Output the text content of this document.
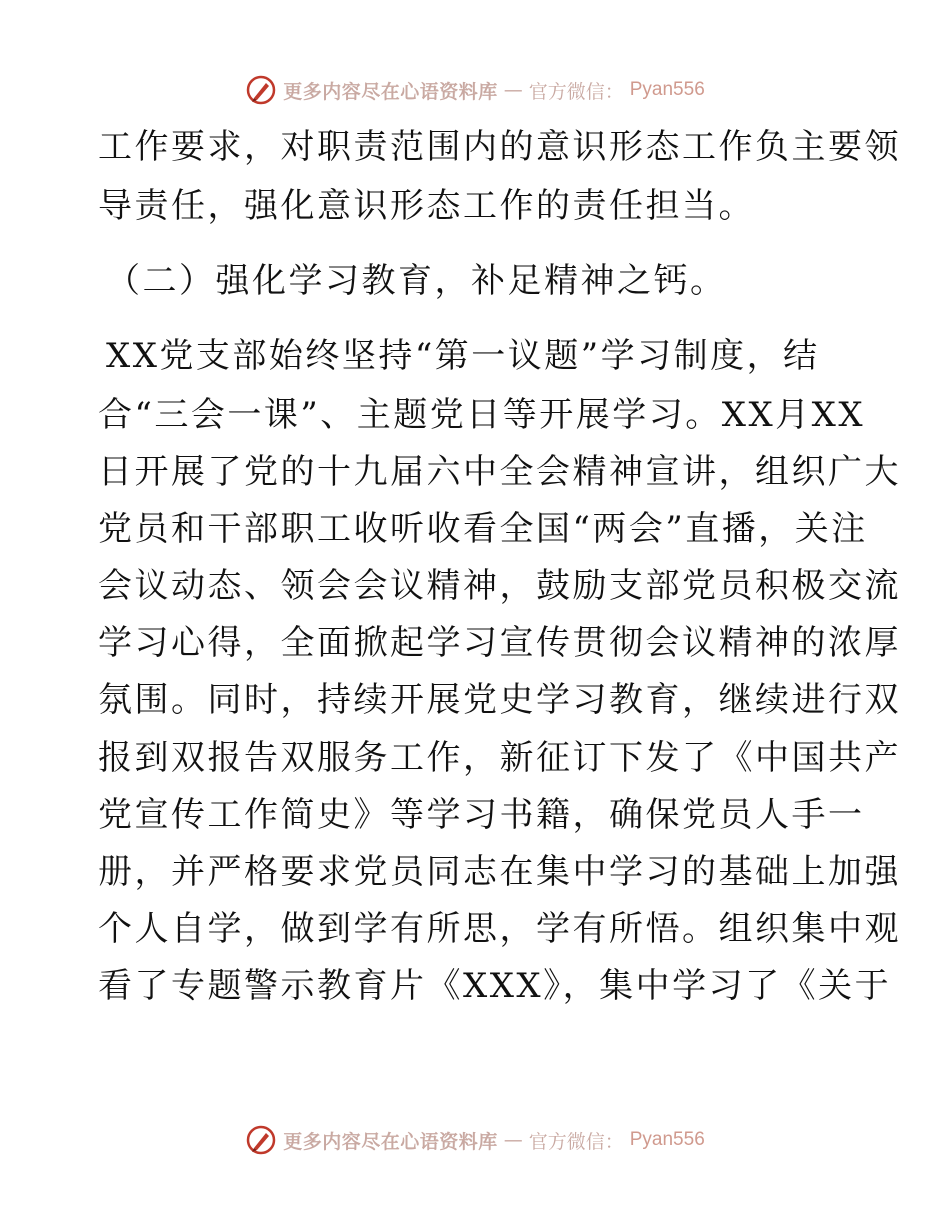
更多内容尽在心语资料库 — 官方微信： Pyan556
工作要求，对职责范围内的意识形态工作负主要领
导责任，强化意识形态工作的责任担当。
（二）强化学习教育，补足精神之钙。
XX党支部始终坚持“第一议题”学习制度，结
合“三会一课”、主题党日等开展学习。XX月XX
日开展了党的十九届六中全会精神宣讲，组织广大
党员和干部职工收听收看全国“两会”直播，关注
会议动态、领会会议精神，鼓励支部党员积极交流
学习心得，全面掀起学习宣传贯彻会议精神的浓厚
氛围。同时，持续开展党史学习教育，继续进行双
报到双报告双服务工作，新征订下发了《中国共产
党宣传工作简史》等学习书籍，确保党员人手一
册，并严格要求党员同志在集中学习的基础上加强
个人自学，做到学有所思，学有所悟。组织集中观
看了专题警示教育片《XXX》，集中学习了《关于
更多内容尽在心语资料库 — 官方微信： Pyan556
